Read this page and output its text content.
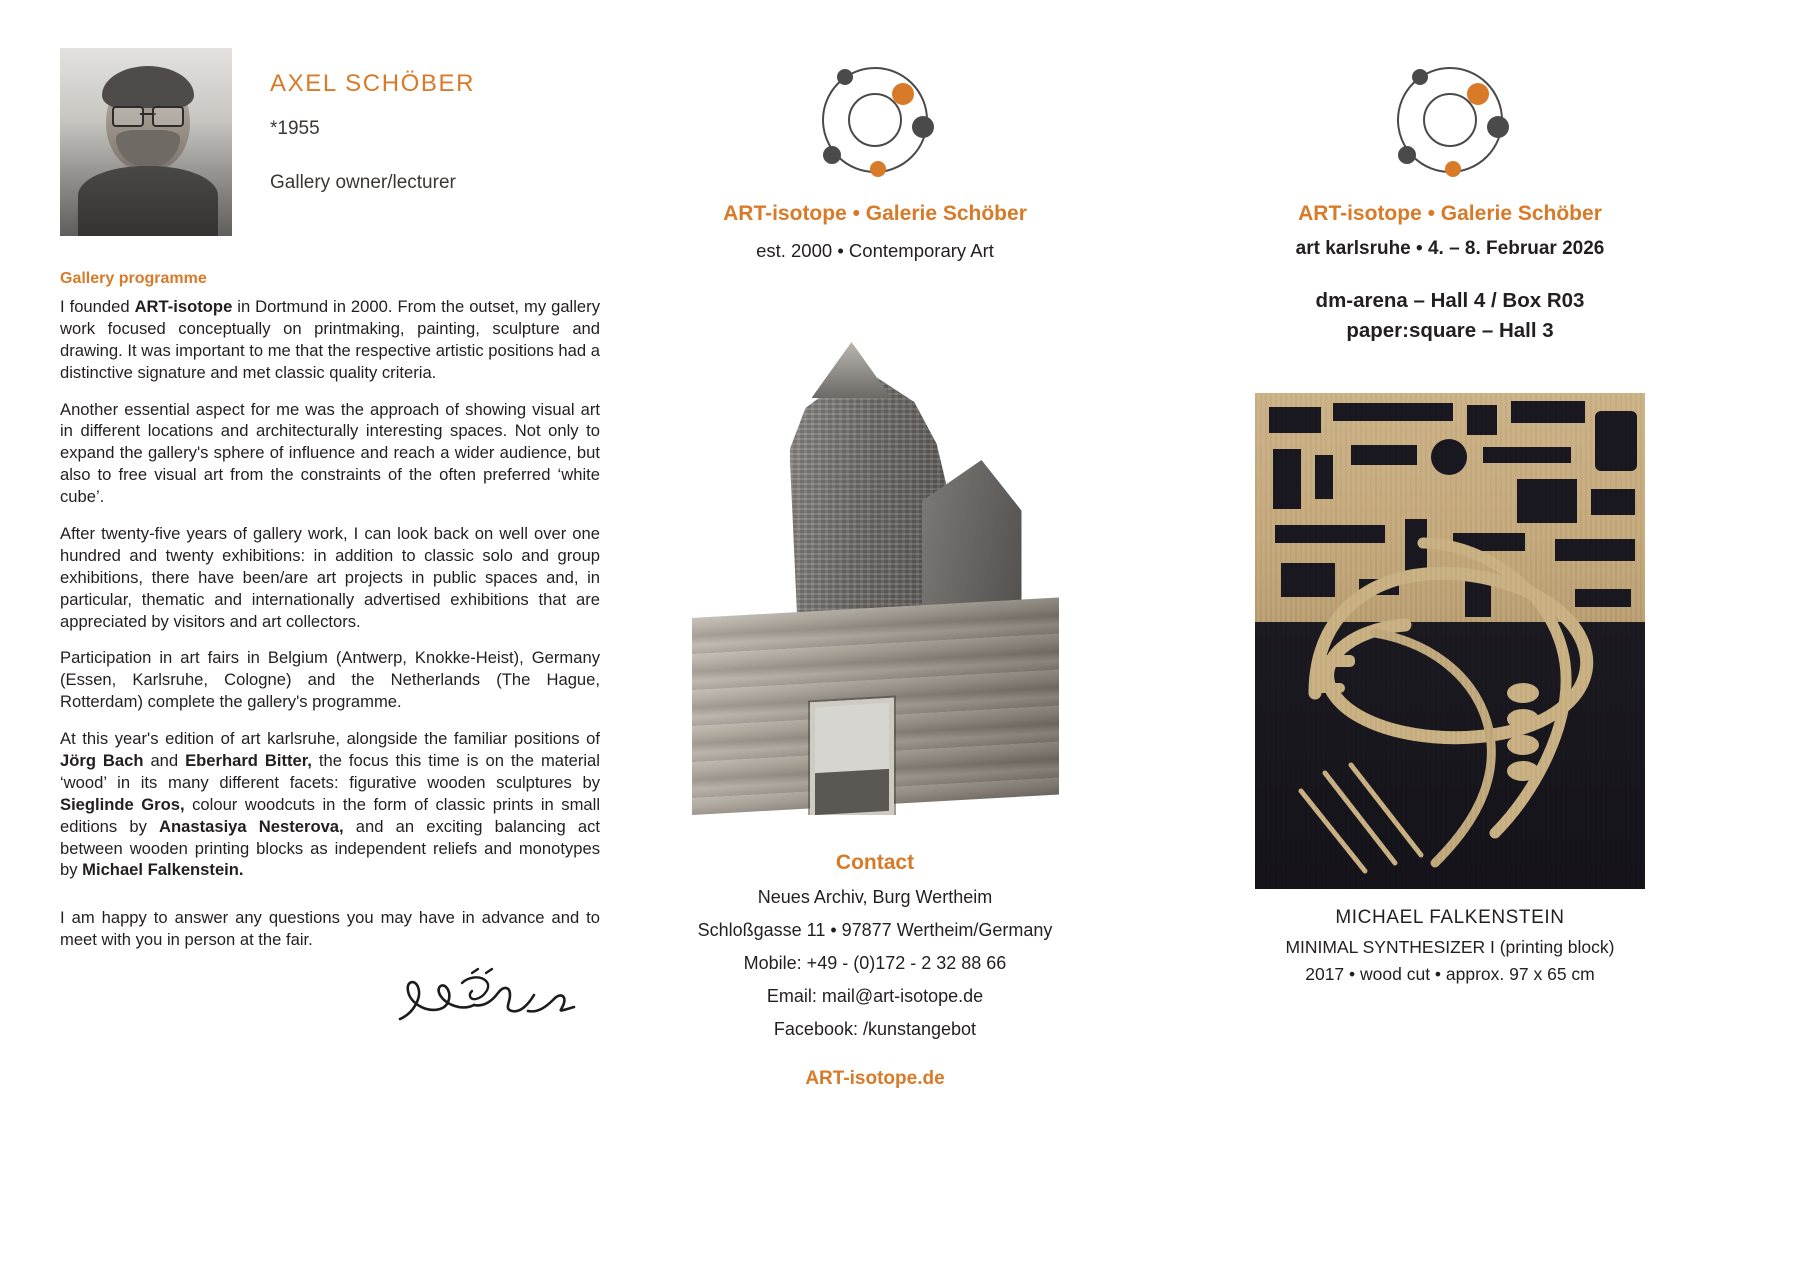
AXEL SCHÖBER
*1955
Gallery owner/lecturer
Gallery programme

I founded ART-isotope in Dortmund in 2000. From the outset, my gallery work focused conceptually on printmaking, painting, sculpture and drawing. It was important to me that the respective artistic positions had a distinctive signature and met classic quality criteria.

Another essential aspect for me was the approach of showing visual art in different locations and architecturally interesting spaces. Not only to expand the gallery's sphere of influence and reach a wider audience, but also to free visual art from the constraints of the often preferred ‘white cube’.

After twenty-five years of gallery work, I can look back on well over one hundred and twenty exhibitions: in addition to classic solo and group exhibitions, there have been/are art projects in public spaces and, in particular, thematic and internationally advertised exhibitions that are appreciated by visitors and art collectors.

Participation in art fairs in Belgium (Antwerp, Knokke-Heist), Germany (Essen, Karlsruhe, Cologne) and the Netherlands (The Hague, Rotterdam) complete the gallery's programme.

At this year's edition of art karlsruhe, alongside the familiar positions of Jörg Bach and Eberhard Bitter, the focus this time is on the material ‘wood’ in its many different facets: figurative wooden sculptures by Sieglinde Gros, colour woodcuts in the form of classic prints in small editions by Anastasiya Nesterova, and an exciting balancing act between wooden printing blocks as independent reliefs and monotypes by Michael Falkenstein.

I am happy to answer any questions you may have in advance and to meet with you in person at the fair.

ART-isotope • Galerie Schöber
est. 2000 • Contemporary Art
Contact
Neues Archiv, Burg Wertheim
Schloßgasse 11 • 97877 Wertheim/Germany
Mobile: +49 - (0)172 - 2 32 88 66
Email: mail@art-isotope.de
Facebook: /kunstangebot
ART-isotope.de
ART-isotope • Galerie Schöber
art karlsruhe • 4. – 8. Februar 2026
dm-arena – Hall 4 / Box R03
paper:square – Hall 3
MICHAEL FALKENSTEIN
MINIMAL SYNTHESIZER I (printing block)
2017 • wood cut • approx. 97 x 65 cm
